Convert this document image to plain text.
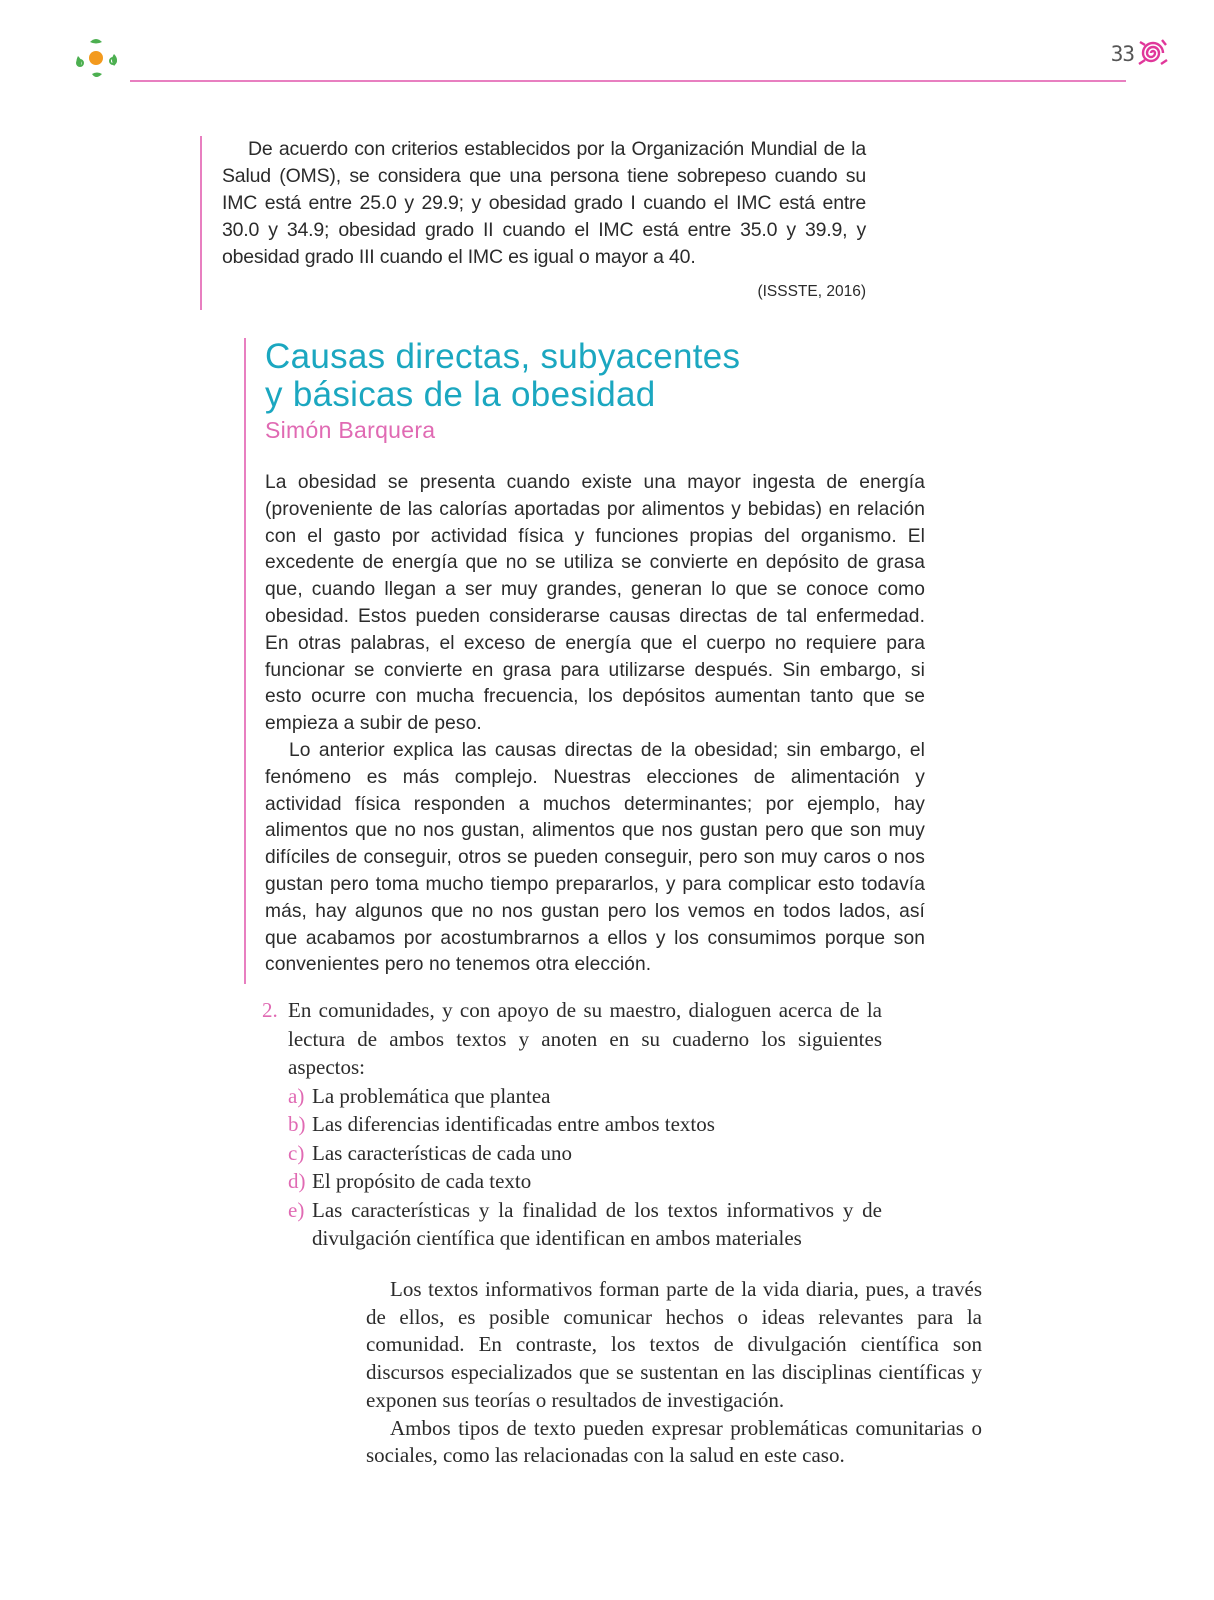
33

De acuerdo con criterios establecidos por la Organización Mundial de la Salud (OMS), se considera que una persona tiene sobrepeso cuando su IMC está entre 25.0 y 29.9; y obesidad grado I cuando el IMC está entre 30.0 y 34.9; obesidad grado II cuando el IMC está entre 35.0 y 39.9, y obesidad grado III cuando el IMC es igual o mayor a 40.

(ISSSTE, 2016)
Causas directas, subyacentes
y básicas de la obesidad
Simón Barquera

La obesidad se presenta cuando existe una mayor ingesta de energía (proveniente de las calorías aportadas por alimentos y bebidas) en relación con el gasto por actividad física y funciones propias del organismo. El excedente de energía que no se utiliza se convierte en depósito de grasa que, cuando llegan a ser muy grandes, generan lo que se conoce como obesidad. Estos pueden considerarse causas directas de tal enfermedad. En otras palabras, el exceso de energía que el cuerpo no requiere para funcionar se convierte en grasa para utilizarse después. Sin embargo, si esto ocurre con mucha frecuencia, los depósitos aumentan tanto que se empieza a subir de peso.

Lo anterior explica las causas directas de la obesidad; sin embargo, el fenómeno es más complejo. Nuestras elecciones de alimentación y actividad física responden a muchos determinantes; por ejemplo, hay alimentos que no nos gustan, alimentos que nos gustan pero que son muy difíciles de conseguir, otros se pueden conseguir, pero son muy caros o nos gustan pero toma mucho tiempo prepararlos, y para complicar esto todavía más, hay algunos que no nos gustan pero los vemos en todos lados, así que acabamos por acostumbrarnos a ellos y los consumimos porque son convenientes pero no tenemos otra elección.

2. En comunidades, y con apoyo de su maestro, dialoguen acerca de la lectura de ambos textos y anoten en su cuaderno los siguientes aspectos:
a) La problemática que plantea
b) Las diferencias identificadas entre ambos textos
c) Las características de cada uno
d) El propósito de cada texto
e) Las características y la finalidad de los textos informativos y de divulgación científica que identifican en ambos materiales

Los textos informativos forman parte de la vida diaria, pues, a través de ellos, es posible comunicar hechos o ideas relevantes para la comunidad. En contraste, los textos de divulgación científica son discursos especializados que se sustentan en las disciplinas científicas y exponen sus teorías o resultados de investigación.

Ambos tipos de texto pueden expresar problemáticas comunitarias o sociales, como las relacionadas con la salud en este caso.
